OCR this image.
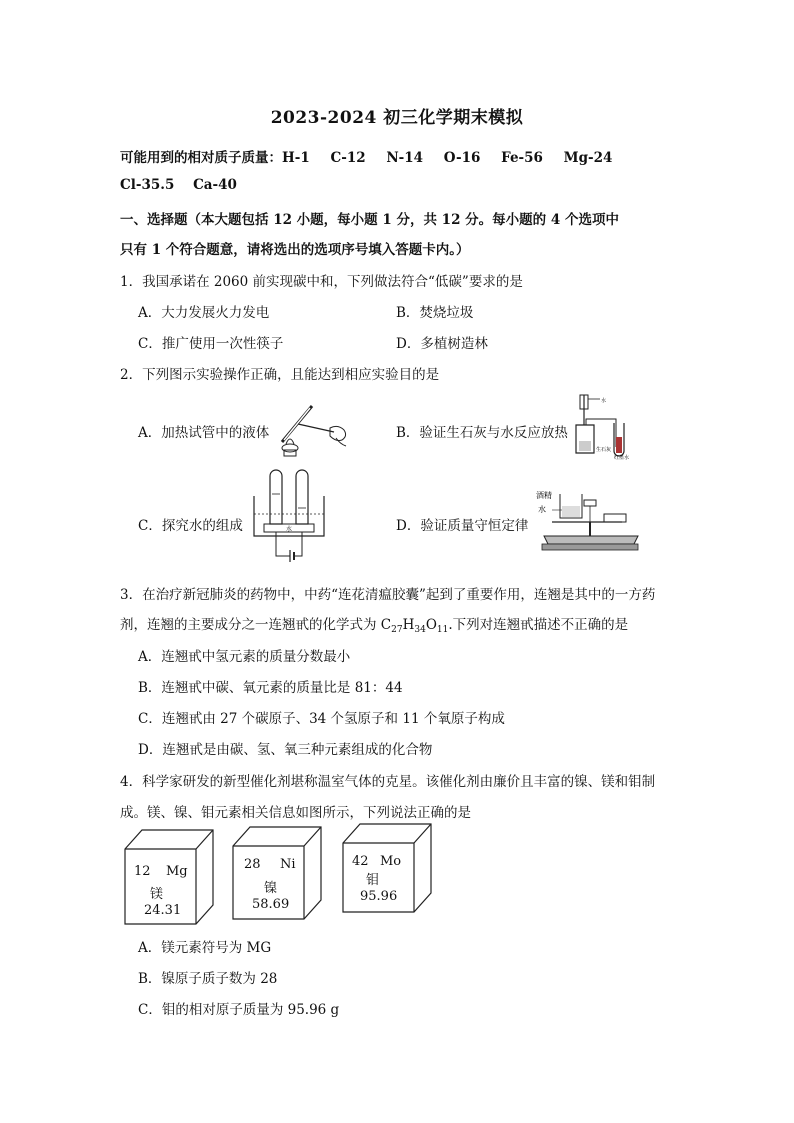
2023-2024 初三化学期末模拟
可能用到的相对质子质量：H-1 C-12 N-14 O-16 Fe-56 Mg-24
Cl-35.5 Ca-40
一、选择题（本大题包括 12 小题，每小题 1 分，共 12 分。每小题的 4 个选项中
只有 1 个符合题意，请将选出的选项序号填入答题卡内。）
1．我国承诺在 2060 前实现碳中和，下列做法符合“低碳”要求的是
A．大力发展火力发电	B．焚烧垃圾
C．推广使用一次性筷子	D．多植树造林
2．下列图示实验操作正确，且能达到相应实验目的是
A．加热试管中的液体	B．验证生石灰与水反应放热
C．探究水的组成	D．验证质量守恒定律
水
生石灰
红墨水
水
酒精
水
3．在治疗新冠肺炎的药物中，中药“连花清瘟胶囊”起到了重要作用，连翘是其中的一方药
剂，连翘的主要成分之一连翘甙的化学式为 $C_{27}H_{34}O_{11}$.下列对连翘甙描述不正确的是
A．连翘甙中氢元素的质量分数最小
B．连翘甙中碳、氧元素的质量比是 81：44
C．连翘甙由 27 个碳原子、34 个氢原子和 11 个氧原子构成
D．连翘甙是由碳、氢、氧三种元素组成的化合物
4．科学家研发的新型催化剂堪称温室气体的克星。该催化剂由廉价且丰富的镍、镁和钼制
成。镁、镍、钼元素相关信息如图所示，下列说法正确的是
12 Mg
镁
24.31
28 Ni
镍
58.69
42 Mo
钼
95.96
A．镁元素符号为 MG
B．镍原子质子数为 28
C．钼的相对原子质量为 95.96 g
